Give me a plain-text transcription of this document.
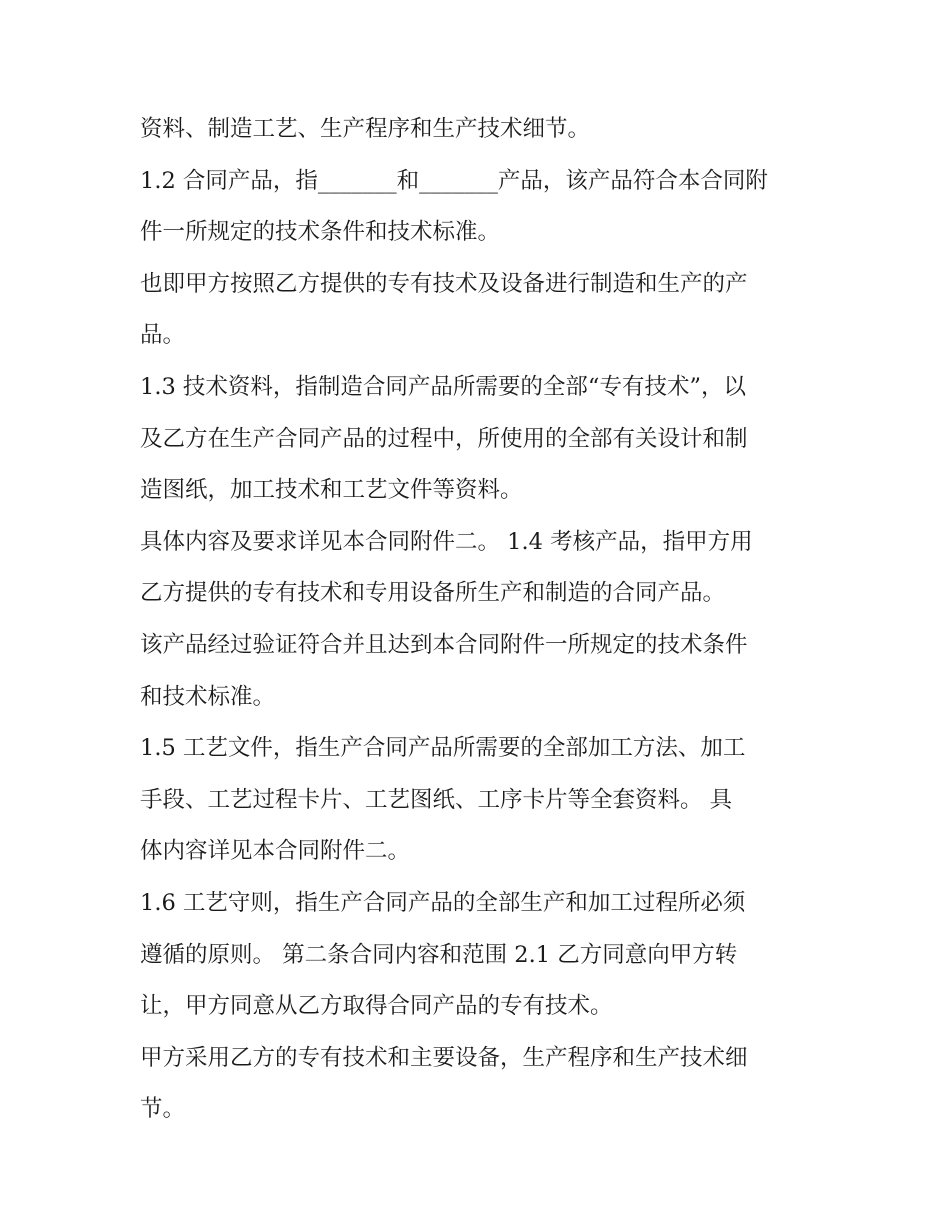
资料、制造工艺、生产程序和生产技术细节。
1.2 合同产品，指_______和_______产品，该产品符合本合同附
件一所规定的技术条件和技术标准。
也即甲方按照乙方提供的专有技术及设备进行制造和生产的产
品。
1.3 技术资料，指制造合同产品所需要的全部“专有技术”，以
及乙方在生产合同产品的过程中，所使用的全部有关设计和制
造图纸，加工技术和工艺文件等资料。
具体内容及要求详见本合同附件二。 1.4 考核产品，指甲方用
乙方提供的专有技术和专用设备所生产和制造的合同产品。
该产品经过验证符合并且达到本合同附件一所规定的技术条件
和技术标准。
1.5 工艺文件，指生产合同产品所需要的全部加工方法、加工
手段、工艺过程卡片、工艺图纸、工序卡片等全套资料。 具
体内容详见本合同附件二。
1.6 工艺守则，指生产合同产品的全部生产和加工过程所必须
遵循的原则。 第二条合同内容和范围 2.1 乙方同意向甲方转
让，甲方同意从乙方取得合同产品的专有技术。
甲方采用乙方的专有技术和主要设备，生产程序和生产技术细
节。
